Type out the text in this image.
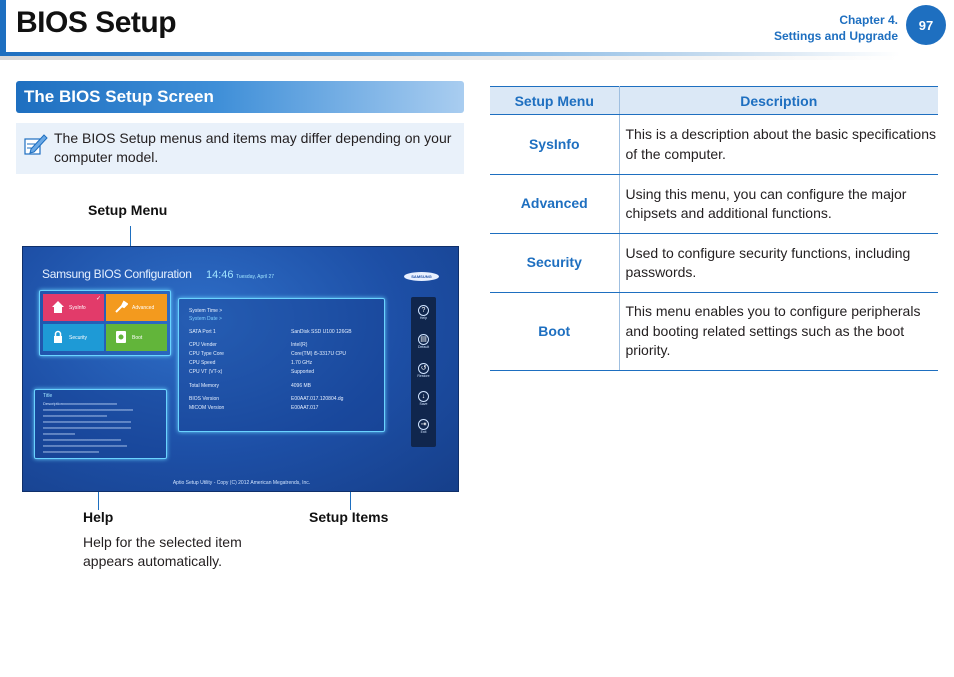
BIOS Setup	Chapter 4.
Settings and Upgrade
97
The BIOS Setup Screen
The BIOS Setup menus and items may differ depending on your computer model.
Setup Menu
Help
Help for the selected item appears automatically.
Setup Items
Samsung BIOS Configuration 14:46 Tuesday, April 27	SAMSUNG
SysInfo
✓
Advanced
Security	Boot
System Time >
System Date >
SATA Port 1	SanDisk SSD U100 126GB
CPU Vender	Intel(R)
CPU Type Core	Core(TM) i5-3317U CPU
CPU Speed	1.70 GHz
CPU VT (VT-x)	Supported
Total Memory	4096 MB
BIOS Version	E00AAT.017.120804.dg
MICOM Version	E00AAT.017
Title
Descriptionxxxxxxxxxxxxxxxxxxxxxxxxxxx
xxxxxxxxxxxxxxxxxxxxxxxxxxxxxxxxxxxxxxxxxxxxx
xxxxxxxxxxxxxxxxxxxxxxxxxxxxxxxx
xxxxxxxxxxxxxxxxxxxxxxxxxxxxxxxxxxxxxxxxxxxx
xxxxxxxxxxxxxxxxxxxxxxxxxxxxxxxxxxxxxxxxxxxx
xxxxxxxxxxxxxxxx
xxxxxxxxxxxxxxxxxxxxxxxxxxxxxxxxxxxxxxx
xxxxxxxxxxxxxxxxxxxxxxxxxxxxxxxxxxxxxxxxxx
xxxxxxxxxxxxxxxxxxxxxxxxxxxx
?
Help
▤
Default
↺
Restore
↓
Save
⇥
Exit
Aptio Setup Utility - Copy (C) 2012 American Megatrends, Inc.
Setup Menu	Description
SysInfo	This is a description about the basic specifications of the computer.
Advanced	Using this menu, you can configure the major chipsets and additional functions.
Security	Used to configure security functions, including passwords.
Boot	This menu enables you to configure peripherals and booting related settings such as the boot priority.
